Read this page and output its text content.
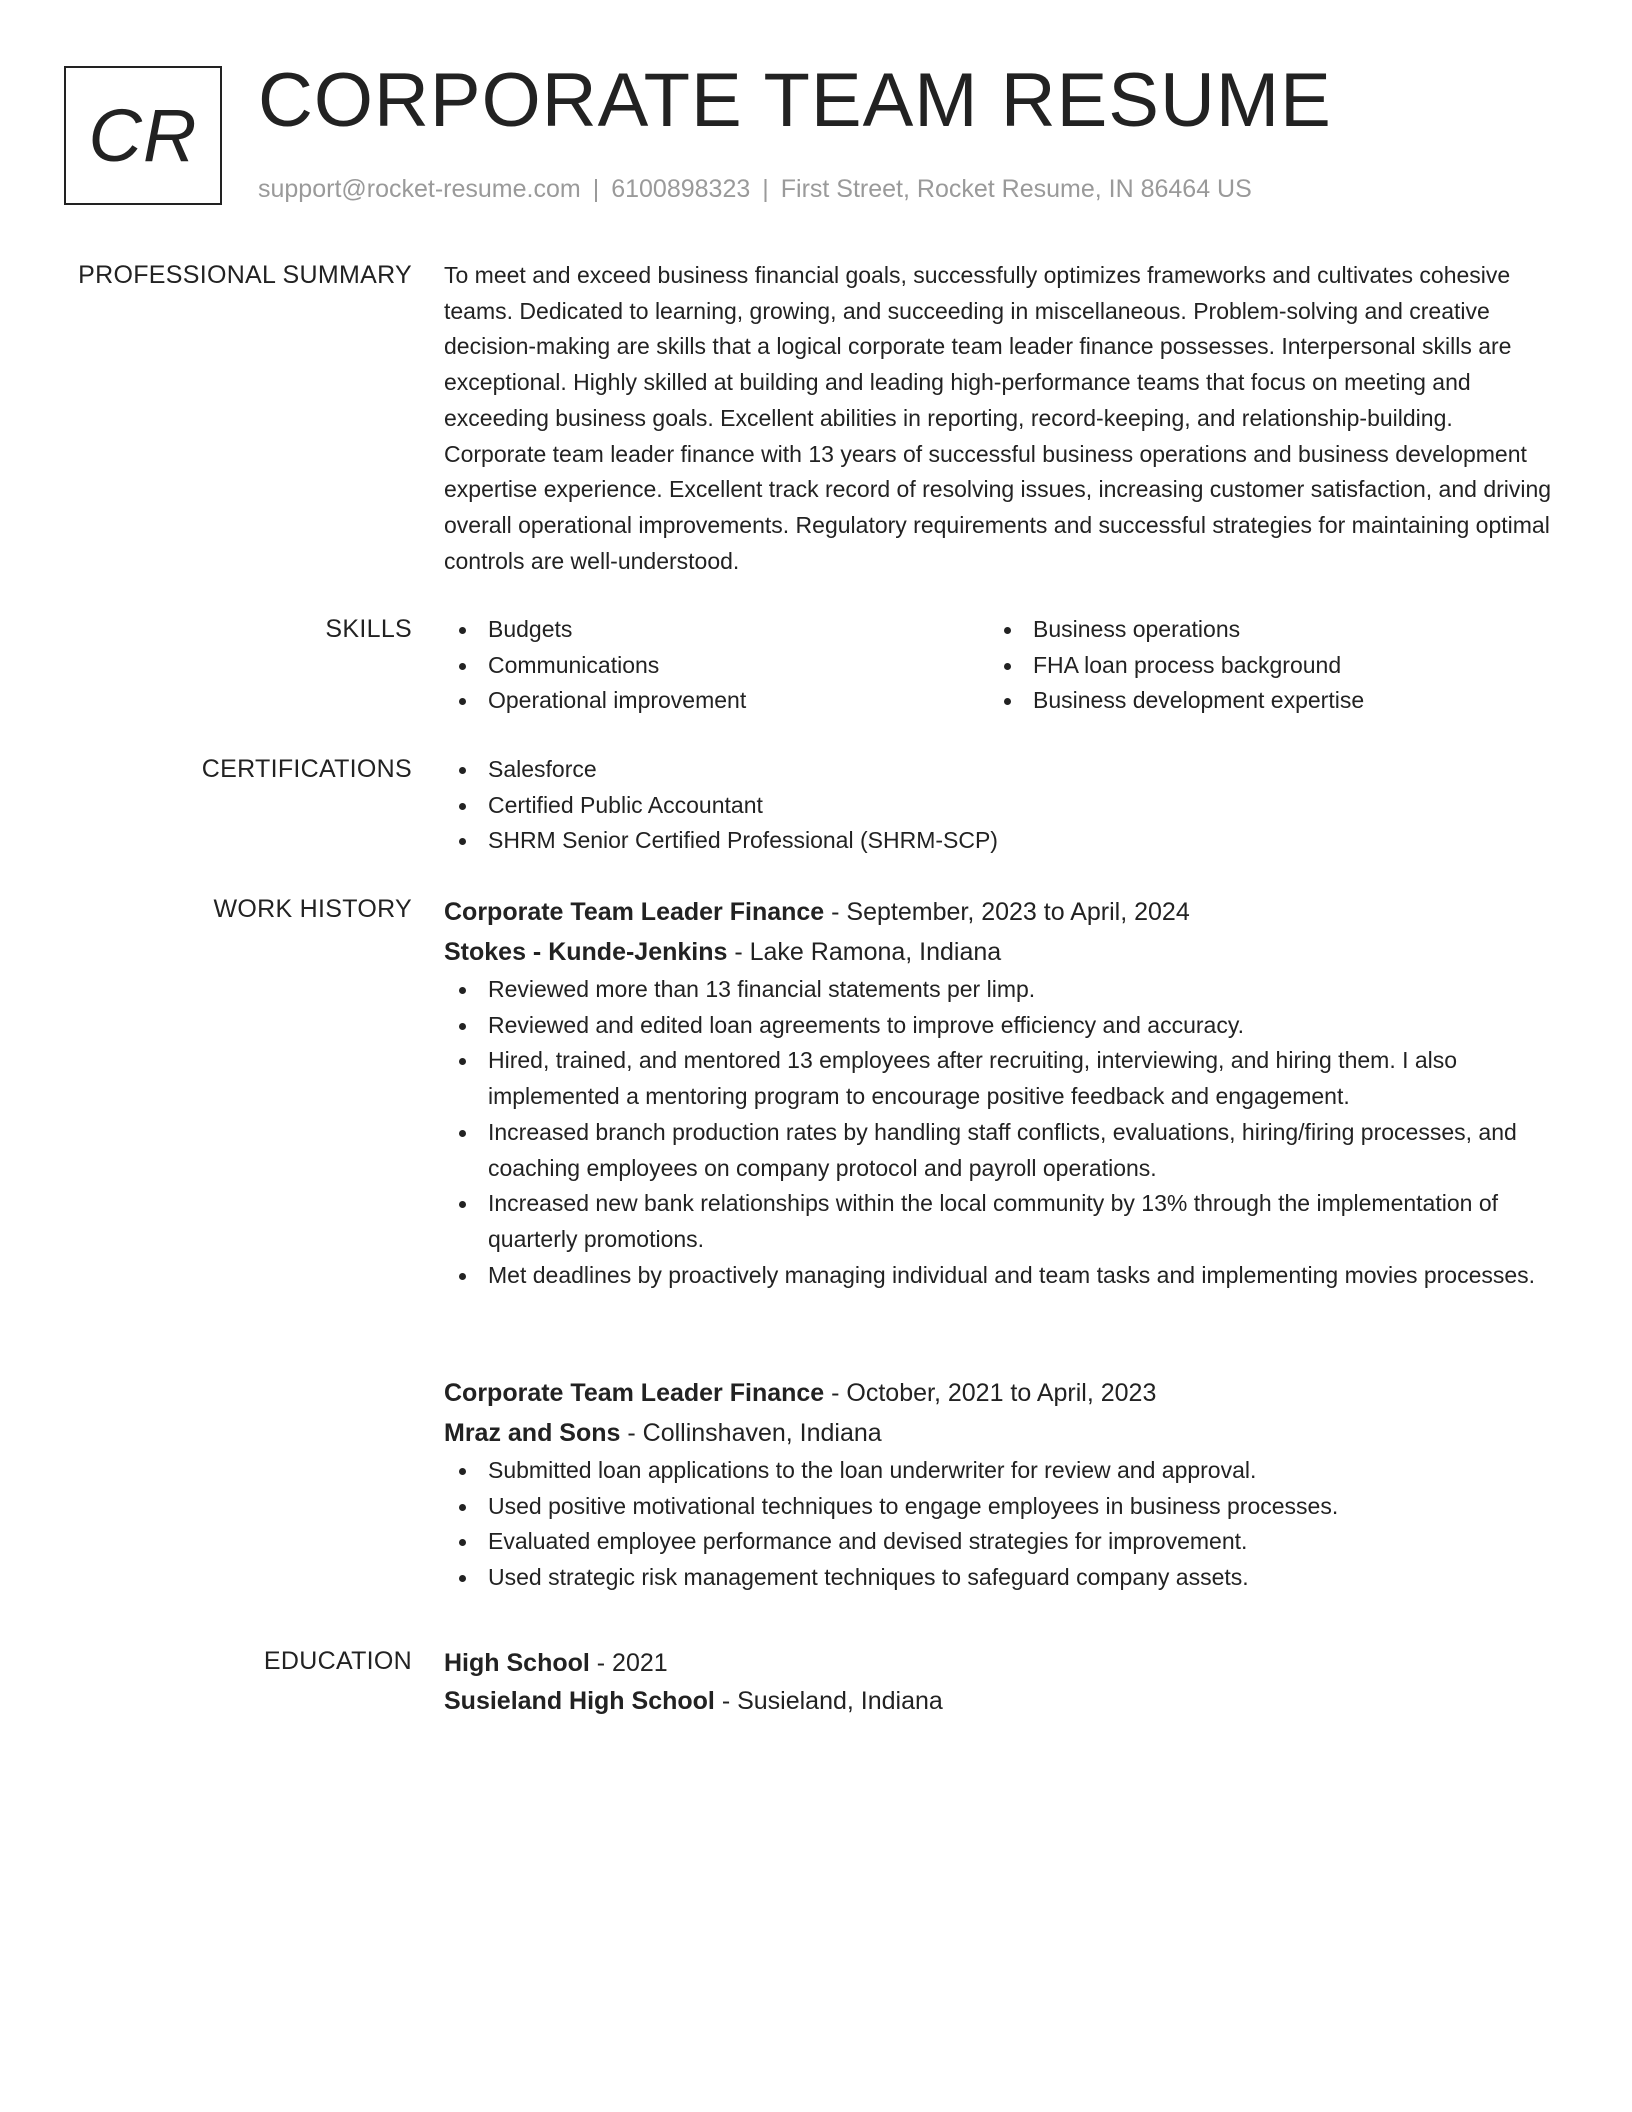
CR CORPORATE TEAM RESUME
support@rocket-resume.com | 6100898323 | First Street, Rocket Resume, IN 86464 US
PROFESSIONAL SUMMARY To meet and exceed business financial goals, successfully optimizes frameworks and cultivates cohesive teams. Dedicated to learning, growing, and succeeding in miscellaneous. Problem-solving and creative decision-making are skills that a logical corporate team leader finance possesses. Interpersonal skills are exceptional. Highly skilled at building and leading high-performance teams that focus on meeting and exceeding business goals. Excellent abilities in reporting, record-keeping, and relationship-building. Corporate team leader finance with 13 years of successful business operations and business development expertise experience. Excellent track record of resolving issues, increasing customer satisfaction, and driving overall operational improvements. Regulatory requirements and successful strategies for maintaining optimal controls are well-understood.

SKILLS	Budgets
Communications
Operational improvement
Business operations
FHA loan process background
Business development expertise
CERTIFICATIONS	Salesforce
Certified Public Accountant
SHRM Senior Certified Professional (SHRM-SCP)
WORK HISTORY Corporate Team Leader Finance - September, 2023 to April, 2024
Stokes - Kunde-Jenkins - Lake Ramona, Indiana
Reviewed more than 13 financial statements per limp.
Reviewed and edited loan agreements to improve efficiency and accuracy.
Hired, trained, and mentored 13 employees after recruiting, interviewing, and hiring them. I also implemented a mentoring program to encourage positive feedback and engagement.
Increased branch production rates by handling staff conflicts, evaluations, hiring/firing processes, and coaching employees on company protocol and payroll operations.
Increased new bank relationships within the local community by 13% through the implementation of quarterly promotions.
Met deadlines by proactively managing individual and team tasks and implementing movies processes.
Corporate Team Leader Finance - October, 2021 to April, 2023
Mraz and Sons - Collinshaven, Indiana
Submitted loan applications to the loan underwriter for review and approval.
Used positive motivational techniques to engage employees in business processes.
Evaluated employee performance and devised strategies for improvement.
Used strategic risk management techniques to safeguard company assets.
EDUCATION High School - 2021
Susieland High School - Susieland, Indiana
